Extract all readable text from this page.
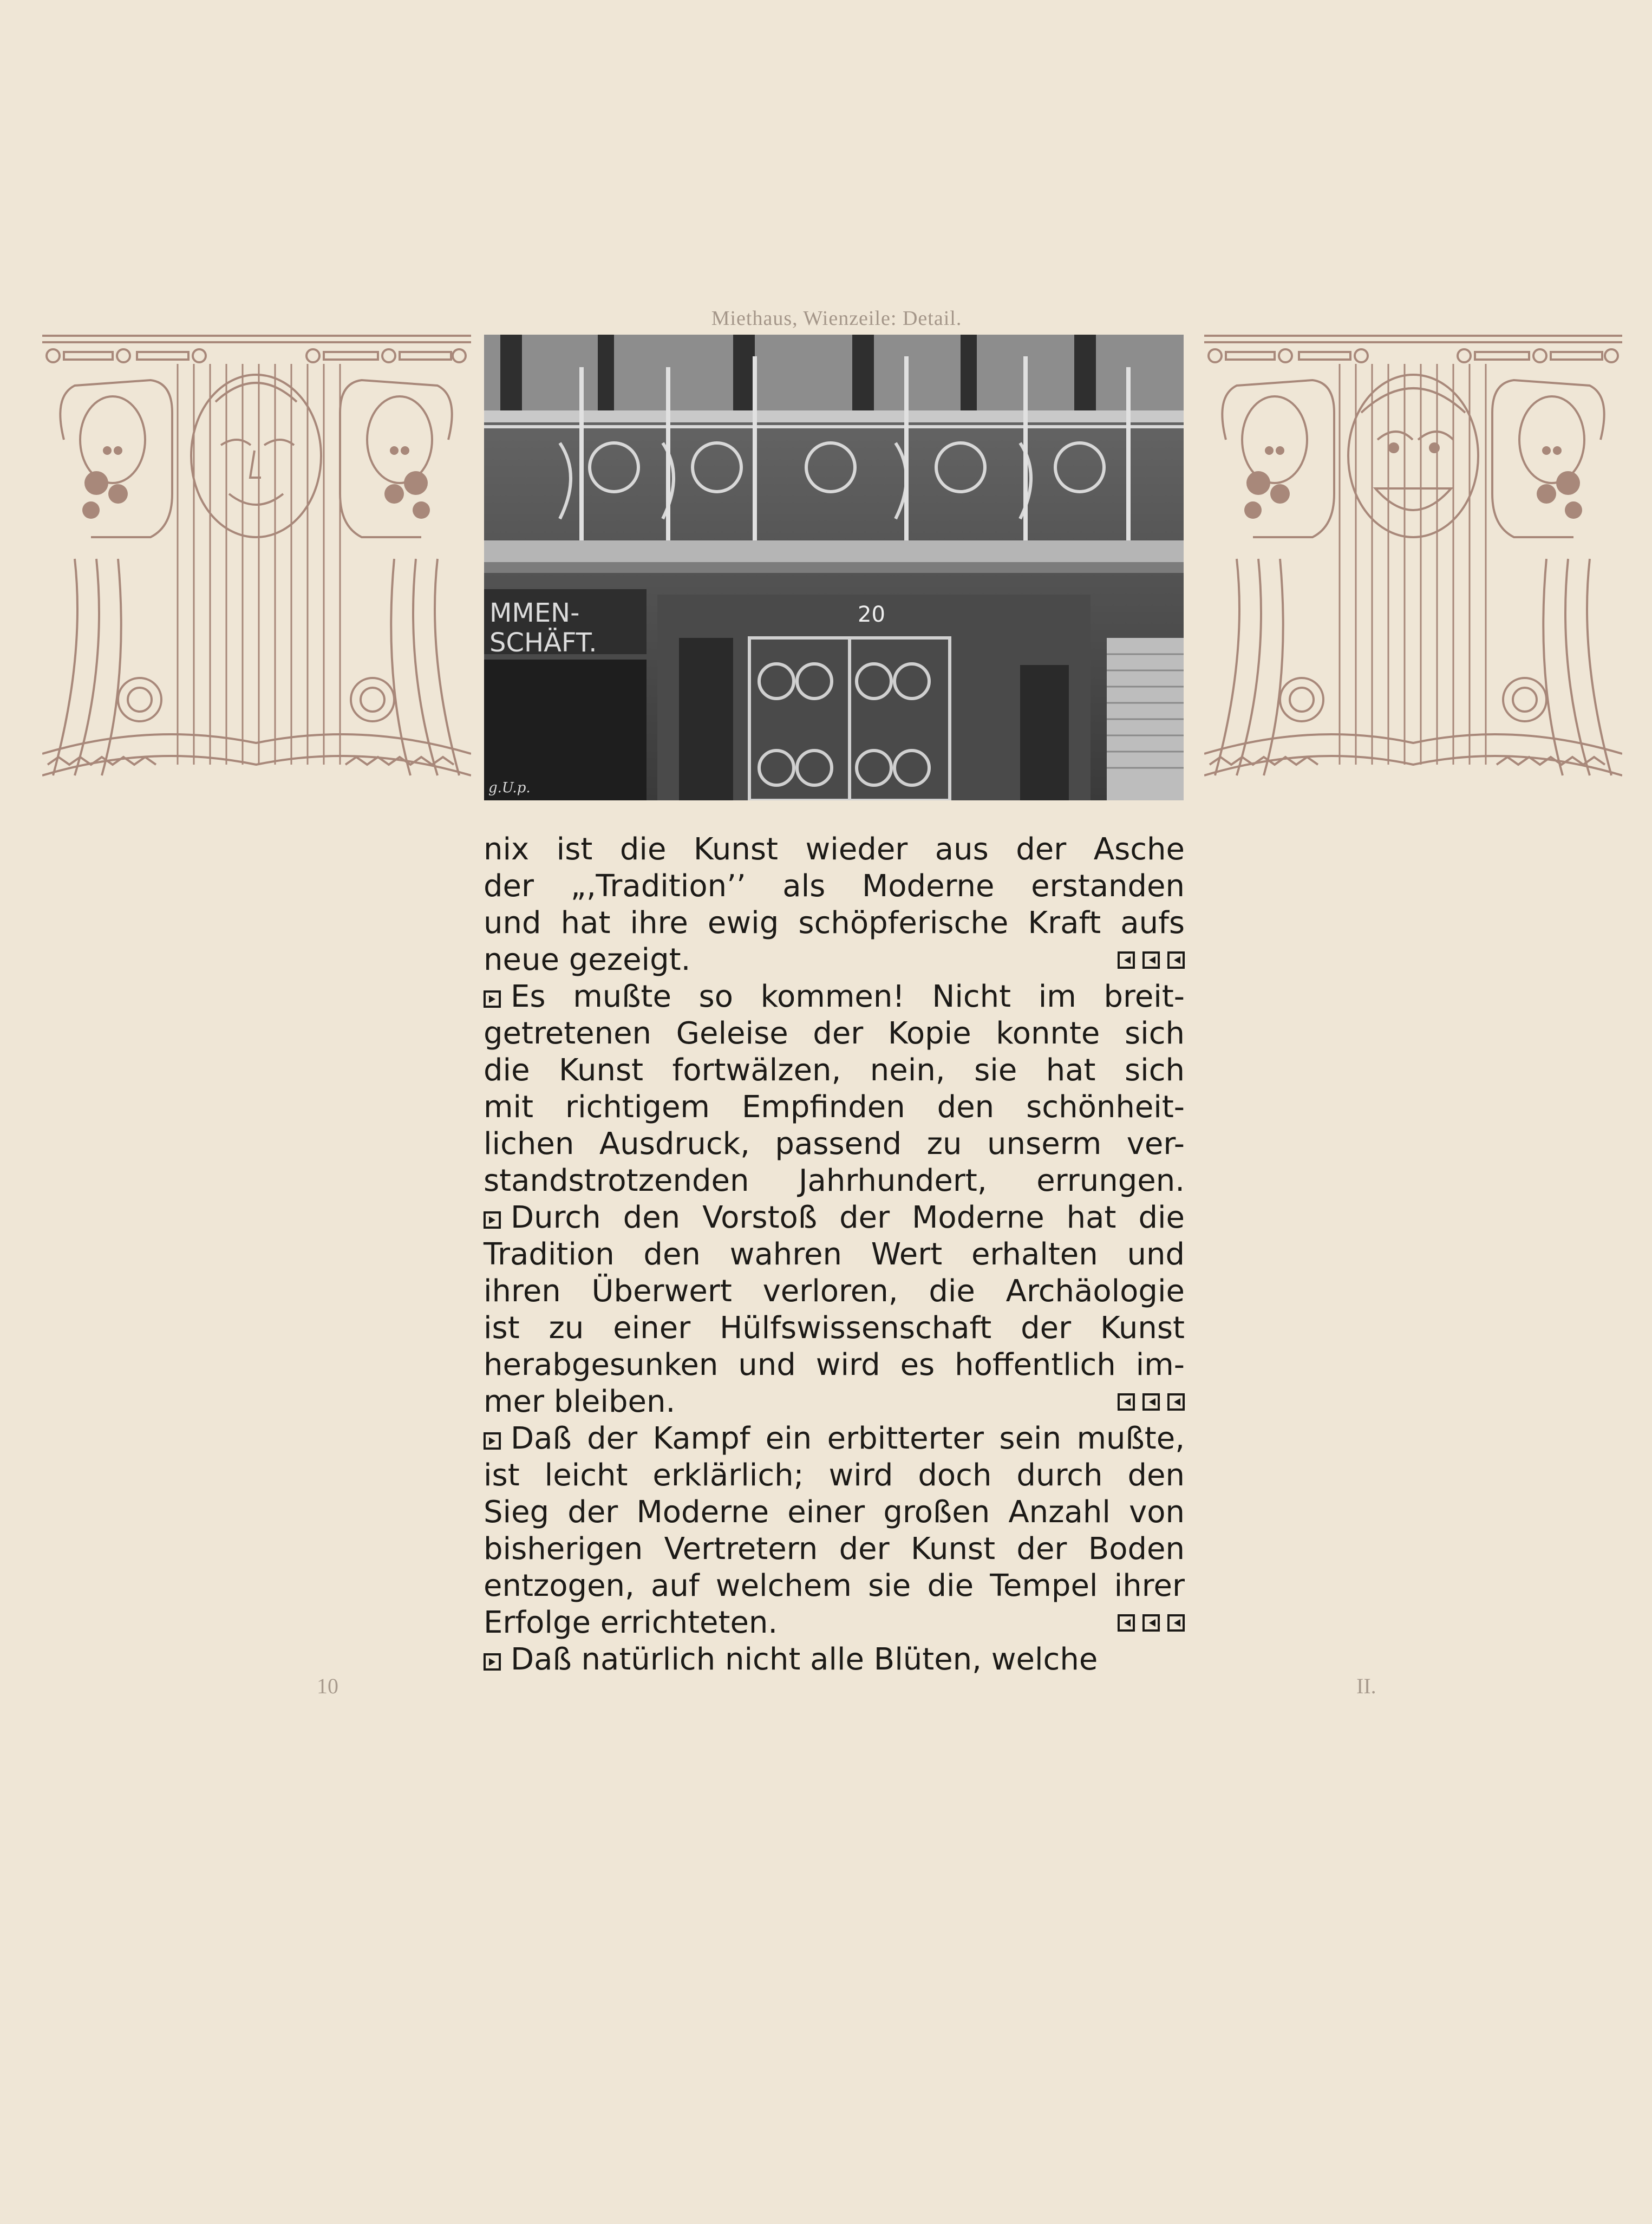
Miethaus, Wienzeile: Detail.
MMEN-
SCHÄFT.
20
g.U.p.
nix ist die Kunst wieder aus der Asche
der „‚Tradition’’ als Moderne erstanden
und hat ihre ewig schöpferische Kraft aufs
neue gezeigt.
Es mußte so kommen! Nicht im breit-
getretenen Geleise der Kopie konnte sich
die Kunst fortwälzen, nein, sie hat sich
mit richtigem Empfinden den schönheit-
lichen Ausdruck, passend zu unserm ver-
standstrotzenden Jahrhundert, errungen.
Durch den Vorstoß der Moderne hat die
Tradition den wahren Wert erhalten und
ihren Überwert verloren, die Archäologie
ist zu einer Hülfswissenschaft der Kunst
herabgesunken und wird es hoffentlich im-
mer bleiben.
Daß der Kampf ein erbitterter sein mußte,
ist leicht erklärlich; wird doch durch den
Sieg der Moderne einer großen Anzahl von
bisherigen Vertretern der Kunst der Boden
entzogen, auf welchem sie die Tempel ihrer
Erfolge errichteten.
Daß natürlich nicht alle Blüten, welche
10	II.
